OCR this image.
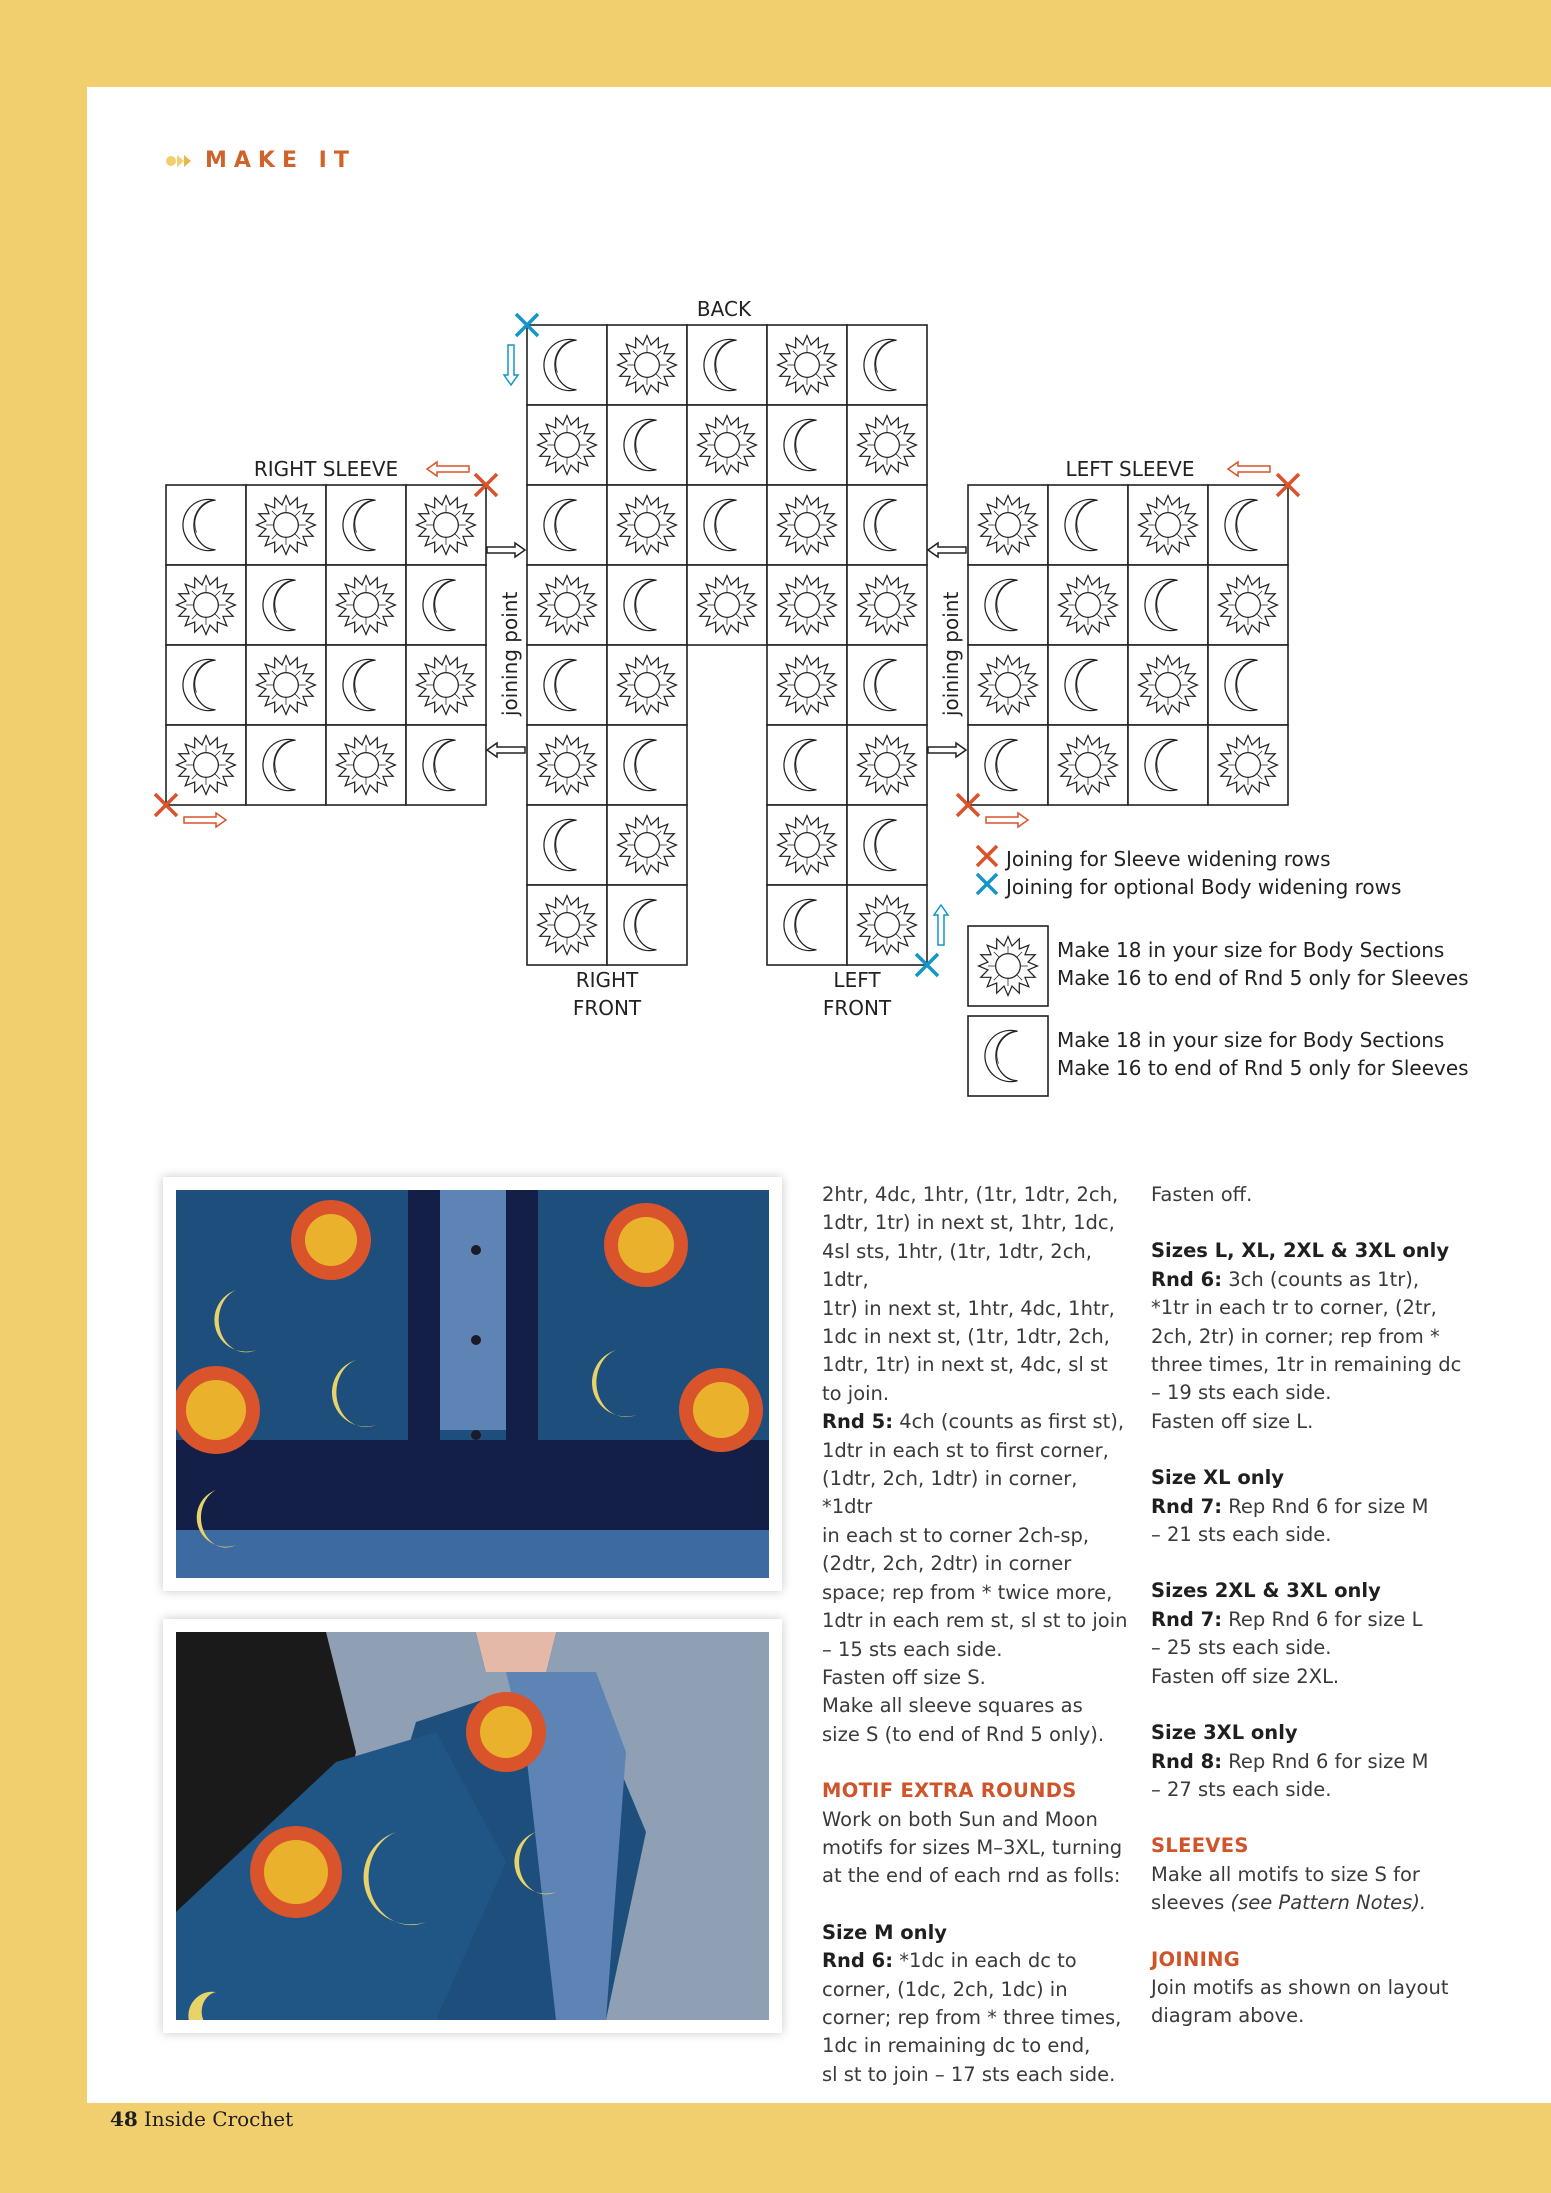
MAKE IT
BACK
RIGHT SLEEVE	LEFT SLEEVE
joining point	joining point
RIGHT
FRONT
LEFT
FRONT
Joining for Sleeve widening rows
Joining for optional Body widening rows
Make 18 in your size for Body Sections
Make 16 to end of Rnd 5 only for Sleeves
Make 18 in your size for Body Sections
Make 16 to end of Rnd 5 only for Sleeves

2htr, 4dc, 1htr, (1tr, 1dtr, 2ch,

1dtr, 1tr) in next st, 1htr, 1dc,

4sl sts, 1htr, (1tr, 1dtr, 2ch, 1dtr,

1tr) in next st, 1htr, 4dc, 1htr,

1dc in next st, (1tr, 1dtr, 2ch,

1dtr, 1tr) in next st, 4dc, sl st

to join.

Rnd 5: 4ch (counts as first st),

1dtr in each st to first corner,

(1dtr, 2ch, 1dtr) in corner, *1dtr

in each st to corner 2ch-sp,

(2dtr, 2ch, 2dtr) in corner

space; rep from * twice more,

1dtr in each rem st, sl st to join

– 15 sts each side.

Fasten off size S.

Make all sleeve squares as

size S (to end of Rnd 5 only).

MOTIF EXTRA ROUNDS

Work on both Sun and Moon

motifs for sizes M–3XL, turning

at the end of each rnd as folls:

Size M only

Rnd 6: *1dc in each dc to

corner, (1dc, 2ch, 1dc) in

corner; rep from * three times,

1dc in remaining dc to end,

sl st to join – 17 sts each side.

Fasten off.

Sizes L, XL, 2XL & 3XL only

Rnd 6: 3ch (counts as 1tr),

*1tr in each tr to corner, (2tr,

2ch, 2tr) in corner; rep from *

three times, 1tr in remaining dc

– 19 sts each side.

Fasten off size L.

Size XL only

Rnd 7: Rep Rnd 6 for size M

– 21 sts each side.

Sizes 2XL & 3XL only

Rnd 7: Rep Rnd 6 for size L

– 25 sts each side.

Fasten off size 2XL.

Size 3XL only

Rnd 8: Rep Rnd 6 for size M

– 27 sts each side.

SLEEVES

Make all motifs to size S for

sleeves (see Pattern Notes).

JOINING

Join motifs as shown on layout

diagram above.

48 Inside Crochet
